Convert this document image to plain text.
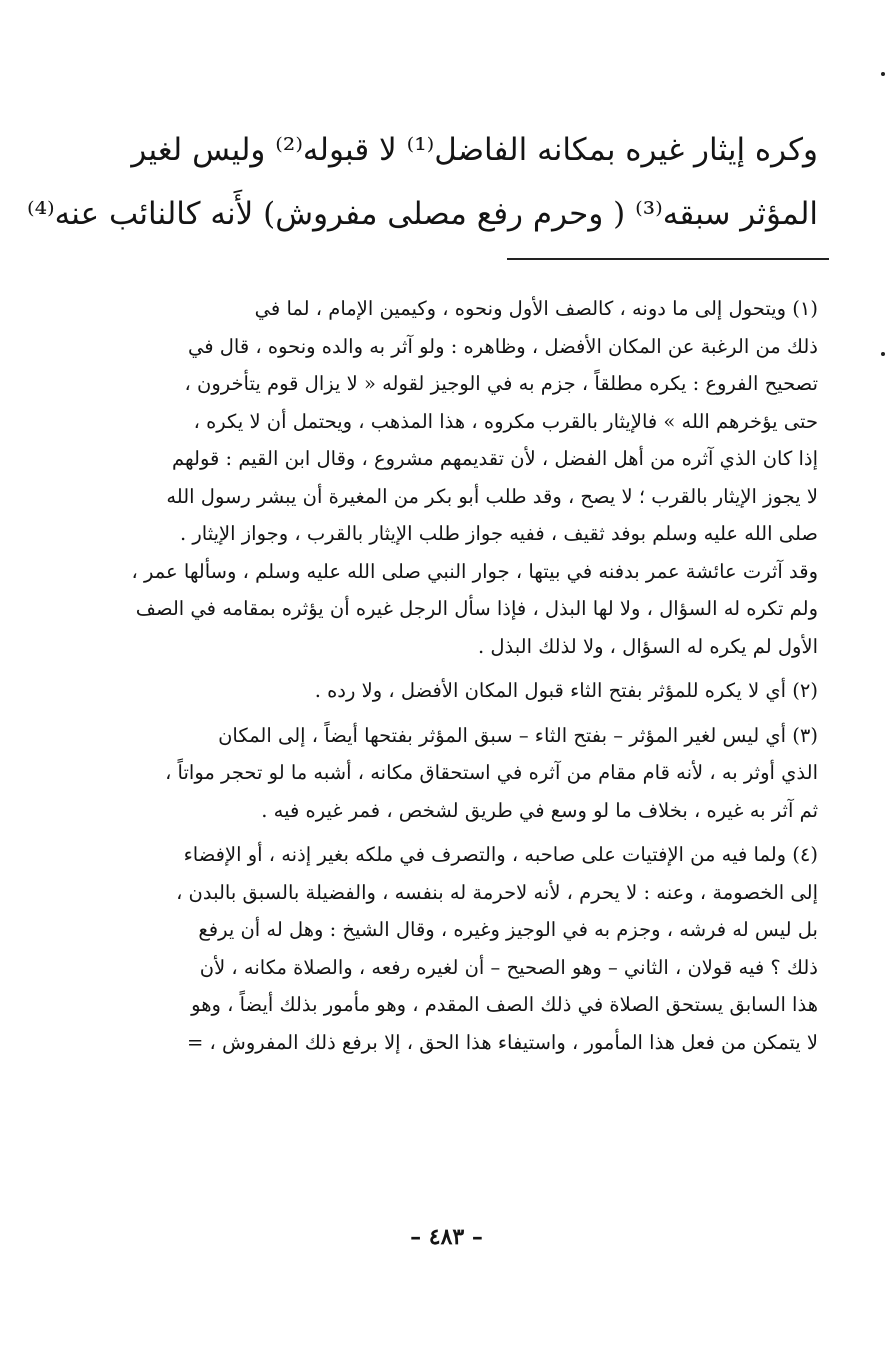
وكره إيثار غيره بمكانه الفاضل⁽¹⁾ لا قبوله⁽²⁾ وليس لغير
المؤثر سبقه⁽³⁾ ( وحرم رفع مصلى مفروش) لأَنه كالنائب عنه⁽⁴⁾
(١) ويتحول إلى ما دونه ، كالصف الأول ونحوه ، وكيمين الإمام ، لما في
ذلك من الرغبة عن المكان الأفضل ، وظاهره : ولو آثر به والده ونحوه ، قال في
تصحيح الفروع : يكره مطلقاً ، جزم به في الوجيز لقوله « لا يزال قوم يتأخرون ،
حتى يؤخرهم الله » فالإيثار بالقرب مكروه ، هذا المذهب ، ويحتمل أن لا يكره ،
إذا كان الذي آثره من أهل الفضل ، لأن تقديمهم مشروع ، وقال ابن القيم : قولهم
لا يجوز الإيثار بالقرب ؛ لا يصح ، وقد طلب أبو بكر من المغيرة أن يبشر رسول الله
صلى الله عليه وسلم بوفد ثقيف ، ففيه جواز طلب الإيثار بالقرب ، وجواز الإيثار .
وقد آثرت عائشة عمر بدفنه في بيتها ، جوار النبي صلى الله عليه وسلم ، وسألها عمر ،
ولم تكره له السؤال ، ولا لها البذل ، فإذا سأل الرجل غيره أن يؤثره بمقامه في الصف
الأول لم يكره له السؤال ، ولا لذلك البذل .
(٢) أي لا يكره للمؤثر بفتح الثاء قبول المكان الأفضل ، ولا رده .
(٣) أي ليس لغير المؤثر – بفتح الثاء – سبق المؤثر بفتحها أيضاً ، إلى المكان
الذي أوثر به ، لأنه قام مقام من آثره في استحقاق مكانه ، أشبه ما لو تحجر مواتاً ،
ثم آثر به غيره ، بخلاف ما لو وسع في طريق لشخص ، فمر غيره فيه .
(٤) ولما فيه من الإفتيات على صاحبه ، والتصرف في ملكه بغير إذنه ، أو الإفضاء
إلى الخصومة ، وعنه : لا يحرم ، لأنه لاحرمة له بنفسه ، والفضيلة بالسبق بالبدن ،
بل ليس له فرشه ، وجزم به في الوجيز وغيره ، وقال الشيخ : وهل له أن يرفع
ذلك ؟ فيه قولان ، الثاني – وهو الصحيح – أن لغيره رفعه ، والصلاة مكانه ، لأن
هذا السابق يستحق الصلاة في ذلك الصف المقدم ، وهو مأمور بذلك أيضاً ، وهو
لا يتمكن من فعل هذا المأمور ، واستيفاء هذا الحق ، إلا برفع ذلك المفروش ، =
– ٤٨٣ –
